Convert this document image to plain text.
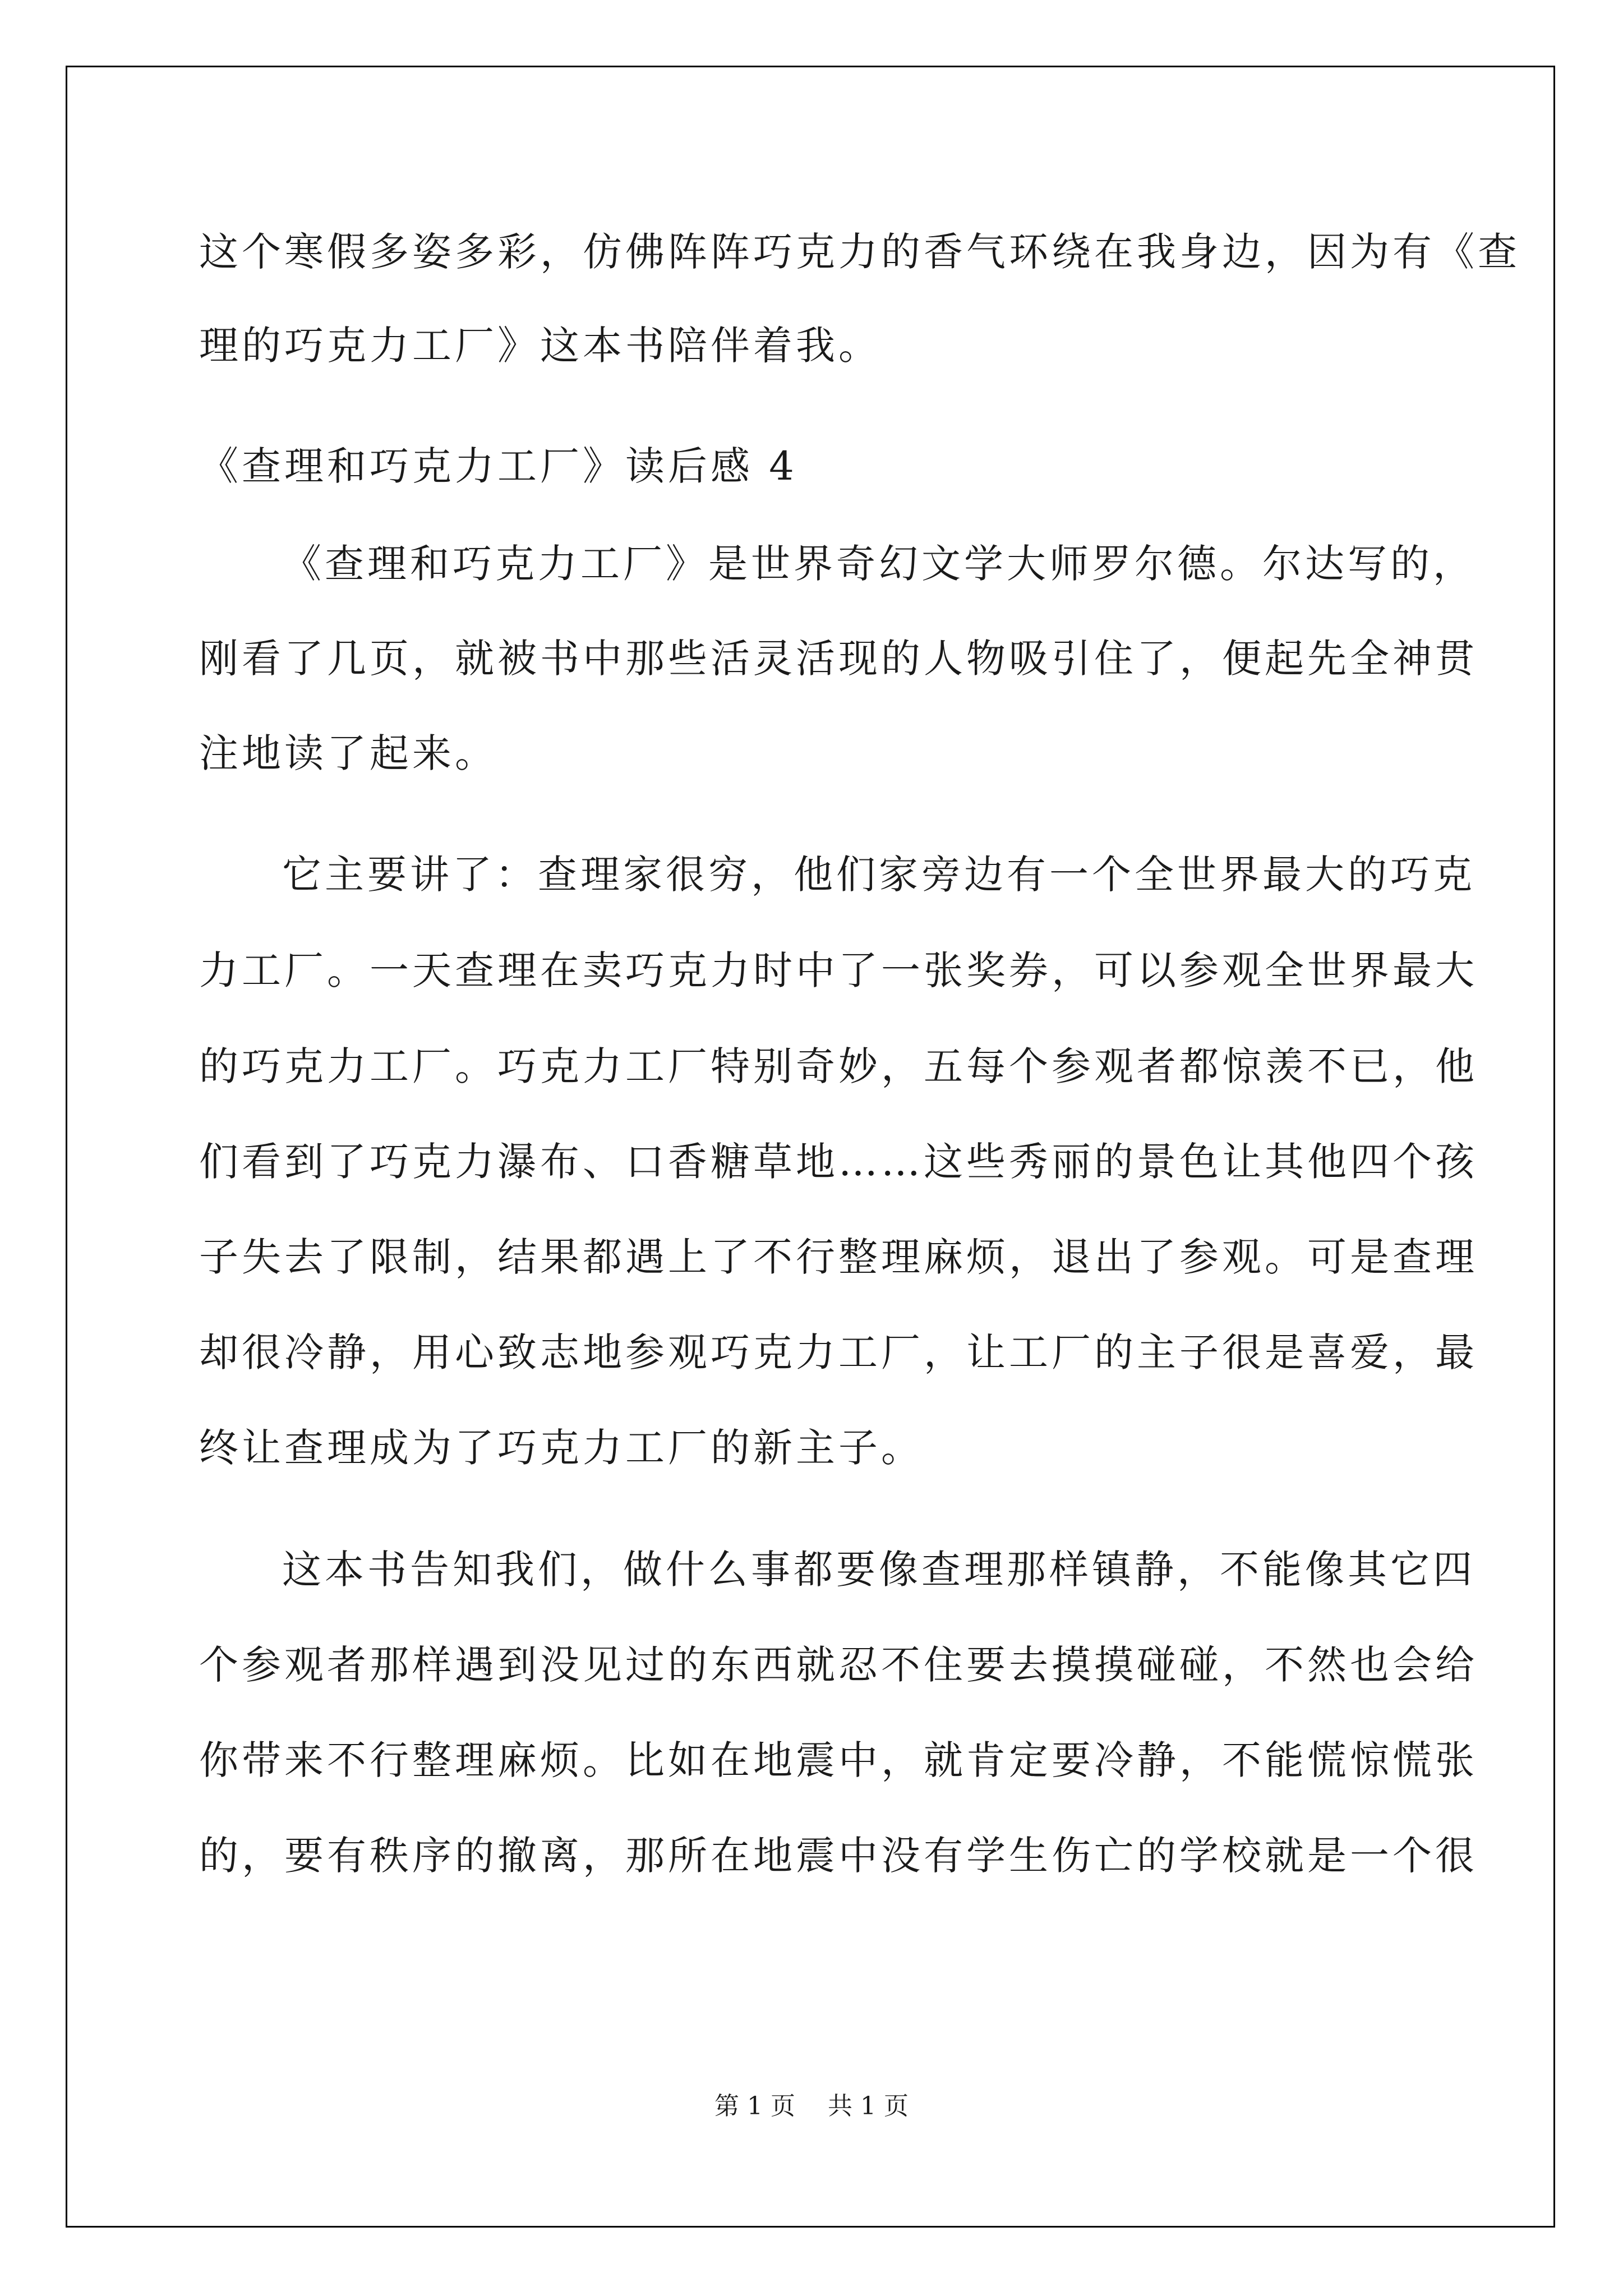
这个寒假多姿多彩，仿佛阵阵巧克力的香气环绕在我身边，因为有《查
理的巧克力工厂》这本书陪伴着我。
《查理和巧克力工厂》读后感 4
《查理和巧克力工厂》是世界奇幻文学大师罗尔德。尔达写的，
刚看了几页，就被书中那些活灵活现的人物吸引住了，便起先全神贯
注地读了起来。
它主要讲了：查理家很穷，他们家旁边有一个全世界最大的巧克
力工厂。一天查理在卖巧克力时中了一张奖券，可以参观全世界最大
的巧克力工厂。巧克力工厂特别奇妙，五每个参观者都惊羡不已，他
们看到了巧克力瀑布、口香糖草地……这些秀丽的景色让其他四个孩
子失去了限制，结果都遇上了不行整理麻烦，退出了参观。可是查理
却很冷静，用心致志地参观巧克力工厂，让工厂的主子很是喜爱，最
终让查理成为了巧克力工厂的新主子。
这本书告知我们，做什么事都要像查理那样镇静，不能像其它四
个参观者那样遇到没见过的东西就忍不住要去摸摸碰碰，不然也会给
你带来不行整理麻烦。比如在地震中，就肯定要冷静，不能慌惊慌张
的，要有秩序的撤离，那所在地震中没有学生伤亡的学校就是一个很
第 1 页 共 1 页
